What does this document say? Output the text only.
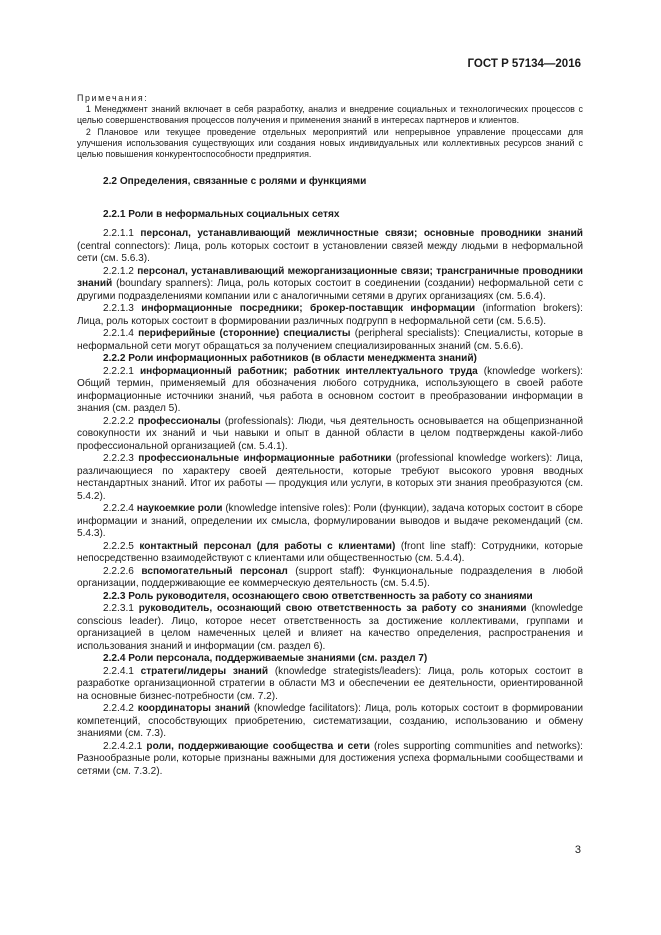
ГОСТ Р 57134—2016

Примечания:

1 Менеджмент знаний включает в себя разработку, анализ и внедрение социальных и технологических процессов с целью совершенствования процессов получения и применения знаний в интересах партнеров и клиентов.

2 Плановое или текущее проведение отдельных мероприятий или непрерывное управление процессами для улучшения использования существующих или создания новых индивидуальных или коллективных ресурсов знаний с целью повышения конкурентоспособности предприятия.

2.2 Определения, связанные с ролями и функциями

2.2.1 Роли в неформальных социальных сетях

2.2.1.1 персонал, устанавливающий межличностные связи; основные проводники знаний (central connectors): Лица, роль которых состоит в установлении связей между людьми в неформальной сети (см. 5.6.3).

2.2.1.2 персонал, устанавливающий межорганизационные связи; трансграничные проводники знаний (boundary spanners): Лица, роль которых состоит в соединении (создании) неформальной сети с другими подразделениями компании или с аналогичными сетями в других организациях (см. 5.6.4).

2.2.1.3 информационные посредники; брокер-поставщик информации (information brokers): Лица, роль которых состоит в формировании различных подгрупп в неформальной сети (см. 5.6.5).

2.2.1.4 периферийные (сторонние) специалисты (peripheral specialists): Специалисты, которые в неформальной сети могут обращаться за получением специализированных знаний (см. 5.6.6).

2.2.2 Роли информационных работников (в области менеджмента знаний)

2.2.2.1 информационный работник; работник интеллектуального труда (knowledge workers): Общий термин, применяемый для обозначения любого сотрудника, использующего в своей работе информационные источники знаний, чья работа в основном состоит в преобразовании информации в знания (см. раздел 5).

2.2.2.2 профессионалы (professionals): Люди, чья деятельность основывается на общепризнанной совокупности их знаний и чьи навыки и опыт в данной области в целом подтверждены какой-либо профессиональной организацией (см. 5.4.1).

2.2.2.3 профессиональные информационные работники (professional knowledge workers): Лица, различающиеся по характеру своей деятельности, которые требуют высокого уровня вводных нестандартных знаний. Итог их работы — продукция или услуги, в которых эти знания преобразуются (см. 5.4.2).

2.2.2.4 наукоемкие роли (knowledge intensive roles): Роли (функции), задача которых состоит в сборе информации и знаний, определении их смысла, формулировании выводов и выдаче рекомендаций (см. 5.4.3).

2.2.2.5 контактный персонал (для работы с клиентами) (front line staff): Сотрудники, которые непосредственно взаимодействуют с клиентами или общественностью (см. 5.4.4).

2.2.2.6 вспомогательный персонал (support staff): Функциональные подразделения в любой организации, поддерживающие ее коммерческую деятельность (см. 5.4.5).

2.2.3 Роль руководителя, осознающего свою ответственность за работу со знаниями

2.2.3.1 руководитель, осознающий свою ответственность за работу со знаниями (knowledge conscious leader). Лицо, которое несет ответственность за достижение коллективами, группами и организацией в целом намеченных целей и влияет на качество определения, распространения и использования знаний и информации (см. раздел 6).

2.2.4 Роли персонала, поддерживаемые знаниями (см. раздел 7)

2.2.4.1 стратеги/лидеры знаний (knowledge strategists/leaders): Лица, роль которых состоит в разработке организационной стратегии в области МЗ и обеспечении ее деятельности, ориентированной на основные бизнес-потребности (см. 7.2).

2.2.4.2 координаторы знаний (knowledge facilitators): Лица, роль которых состоит в формировании компетенций, способствующих приобретению, систематизации, созданию, использованию и обмену знаниями (см. 7.3).

2.2.4.2.1 роли, поддерживающие сообщества и сети (roles supporting communities and networks): Разнообразные роли, которые признаны важными для достижения успеха формальными сообществами и сетями (см. 7.3.2).

3
